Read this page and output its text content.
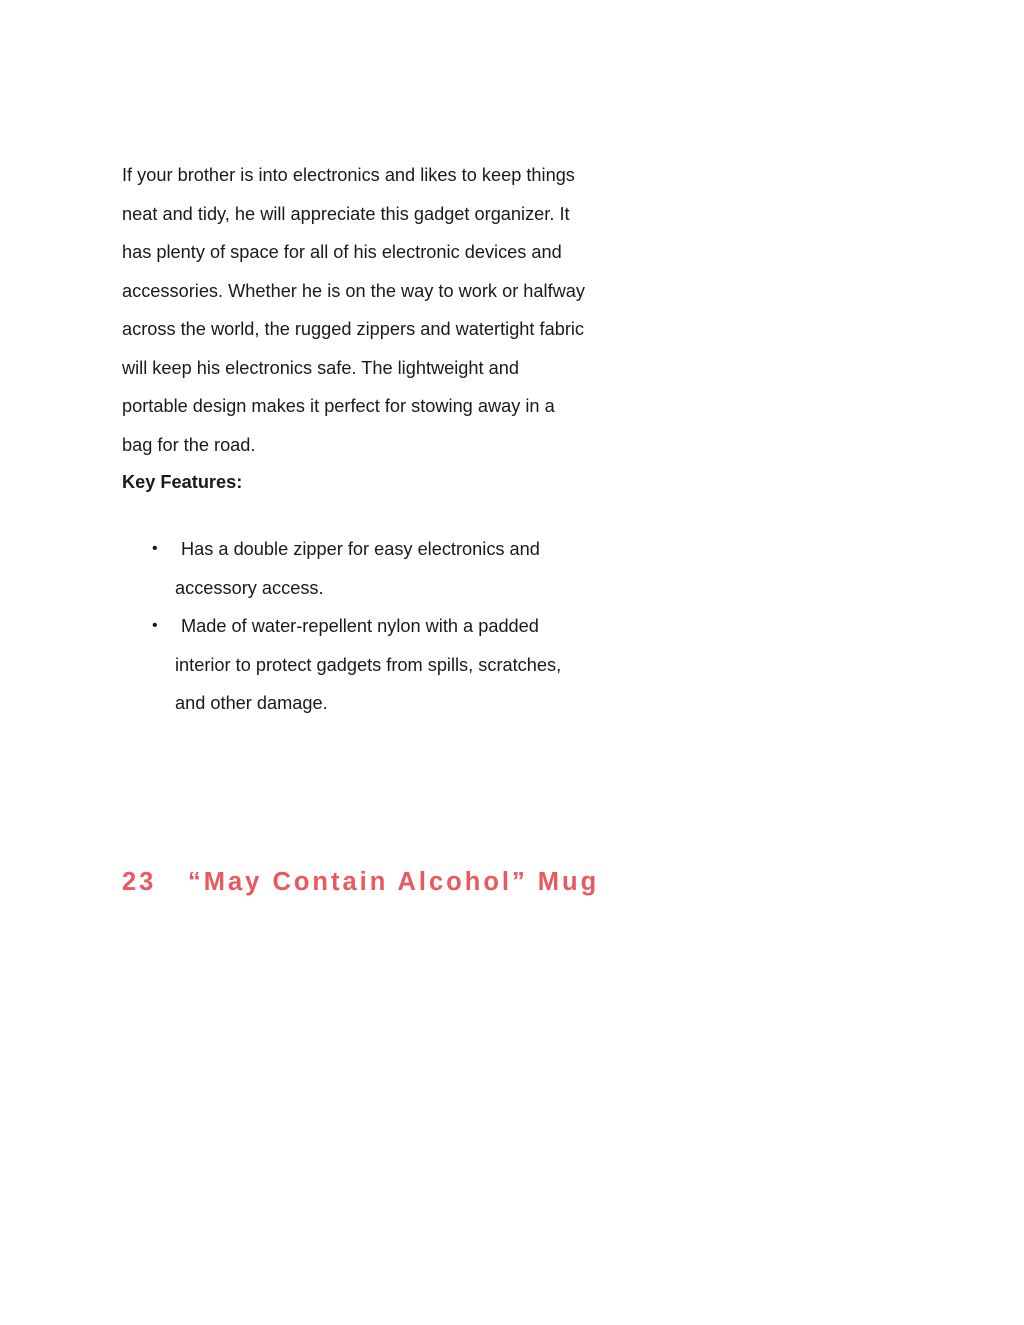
If your brother is into electronics and likes to keep things
neat and tidy, he will appreciate this gadget organizer. It
has plenty of space for all of his electronic devices and
accessories. Whether he is on the way to work or halfway
across the world, the rugged zippers and watertight fabric
will keep his electronics safe. The lightweight and
portable design makes it perfect for stowing away in a
bag for the road.
Key Features:
•	Has a double zipper for easy electronics and
accessory access.
•	Made of water-repellent nylon with a padded
interior to protect gadgets from spills, scratches,
and other damage.
23 “May Contain Alcohol” Mug
